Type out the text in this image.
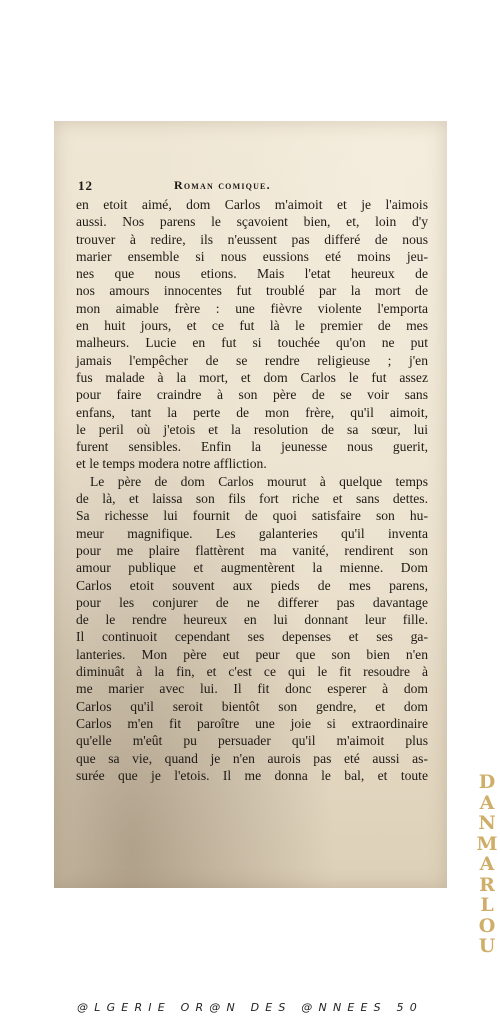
12	Roman comique.
en etoit aimé, dom Carlos m'aimoit et je l'aimois
aussi. Nos parens le sçavoient bien, et, loin d'y
trouver à redire, ils n'eussent pas differé de nous
marier ensemble si nous eussions eté moins jeu-
nes que nous etions. Mais l'etat heureux de
nos amours innocentes fut troublé par la mort de
mon aimable frère : une fièvre violente l'emporta
en huit jours, et ce fut là le premier de mes
malheurs. Lucie en fut si touchée qu'on ne put
jamais l'empêcher de se rendre religieuse ; j'en
fus malade à la mort, et dom Carlos le fut assez
pour faire craindre à son père de se voir sans
enfans, tant la perte de mon frère, qu'il aimoit,
le peril où j'etois et la resolution de sa sœur, lui
furent sensibles. Enfin la jeunesse nous guerit,
et le temps modera notre affliction.
Le père de dom Carlos mourut à quelque temps
de là, et laissa son fils fort riche et sans dettes.
Sa richesse lui fournit de quoi satisfaire son hu-
meur magnifique. Les galanteries qu'il inventa
pour me plaire flattèrent ma vanité, rendirent son
amour publique et augmentèrent la mienne. Dom
Carlos etoit souvent aux pieds de mes parens,
pour les conjurer de ne differer pas davantage
de le rendre heureux en lui donnant leur fille.
Il continuoit cependant ses depenses et ses ga-
lanteries. Mon père eut peur que son bien n'en
diminuât à la fin, et c'est ce qui le fit resoudre à
me marier avec lui. Il fit donc esperer à dom
Carlos qu'il seroit bientôt son gendre, et dom
Carlos m'en fit paroître une joie si extraordinaire
qu'elle m'eût pu persuader qu'il m'aimoit plus
que sa vie, quand je n'en aurois pas eté aussi as-
surée que je l'etois. Il me donna le bal, et toute	D
A
N
M
A
R
L
O
U
@LGERIE OR@N DES @NNEES 50
